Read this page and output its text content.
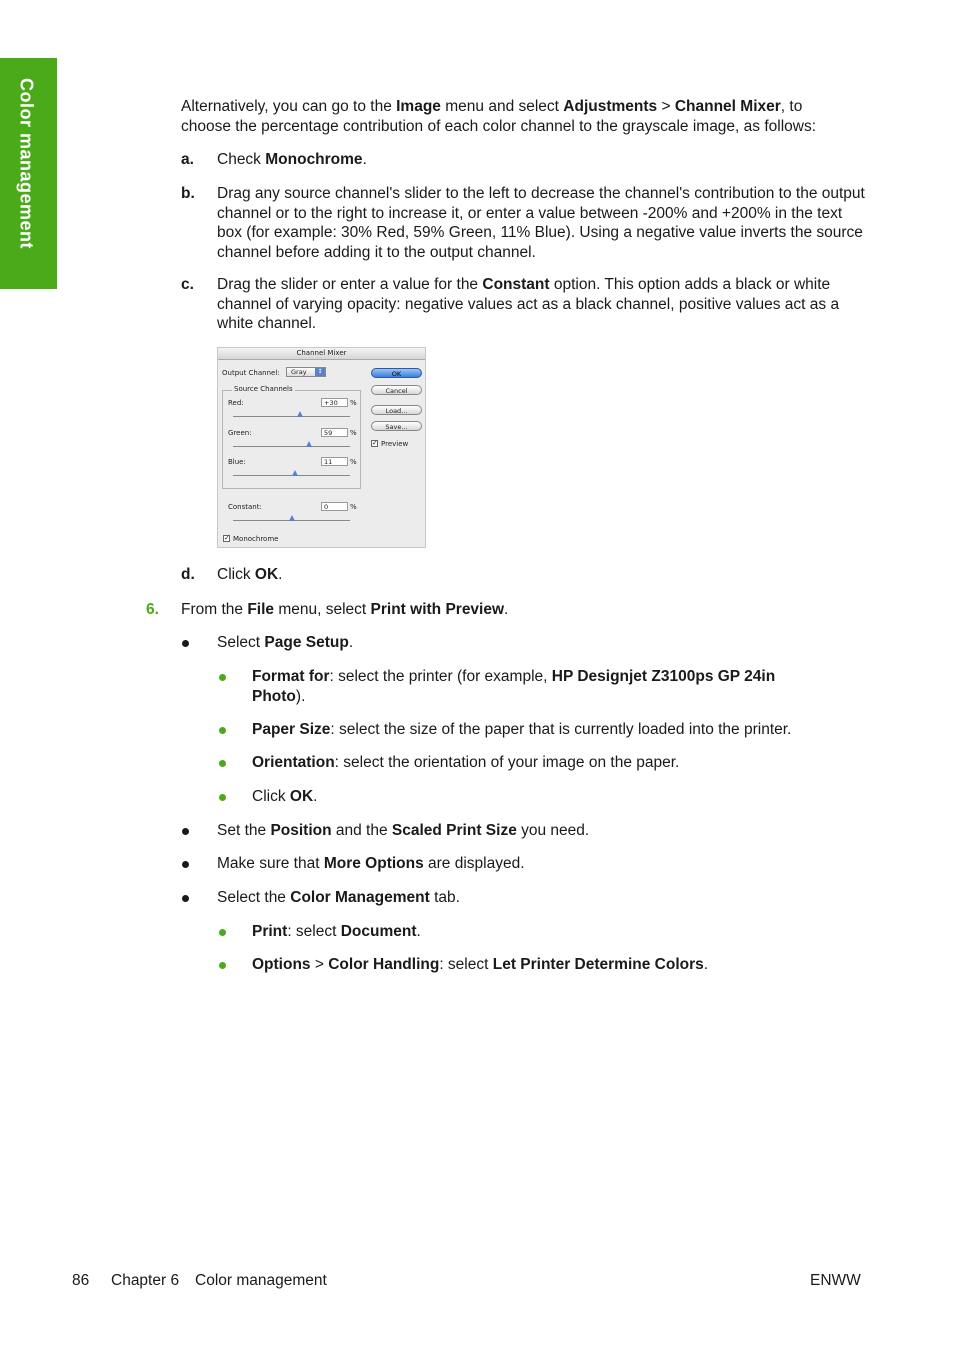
Color management	Alternatively, you can go to the Image menu and select Adjustments > Channel Mixer, to
choose the percentage contribution of each color channel to the grayscale image, as follows:
a. Check Monochrome.
b. Drag any source channel's slider to the left to decrease the channel's contribution to the output
channel or to the right to increase it, or enter a value between -200% and +200% in the text
box (for example: 30% Red, 59% Green, 11% Blue). Using a negative value inverts the source
channel before adding it to the output channel.
c. Drag the slider or enter a value for the Constant option. This option adds a black or white
channel of varying opacity: negative values act as a black channel, positive values act as a
white channel.
Channel Mixer
Output Channel:	Gray	↕
Source Channels
Red:	+30	%
Green:	59	%
Blue:	11	%
Constant:	0	%
✓ Monochrome
OK
Cancel
Load...
Save...
✓ Preview
d. Click OK.
6. From the File menu, select Print with Preview.
Select Page Setup.
Format for: select the printer (for example, HP Designjet Z3100ps GP 24in
Photo).
Paper Size: select the size of the paper that is currently loaded into the printer.
Orientation: select the orientation of your image on the paper.
Click OK.
Set the Position and the Scaled Print Size you need.
Make sure that More Options are displayed.
Select the Color Management tab.
Print: select Document.
Options > Color Handling: select Let Printer Determine Colors.
86 Chapter 6 Color management	ENWW
